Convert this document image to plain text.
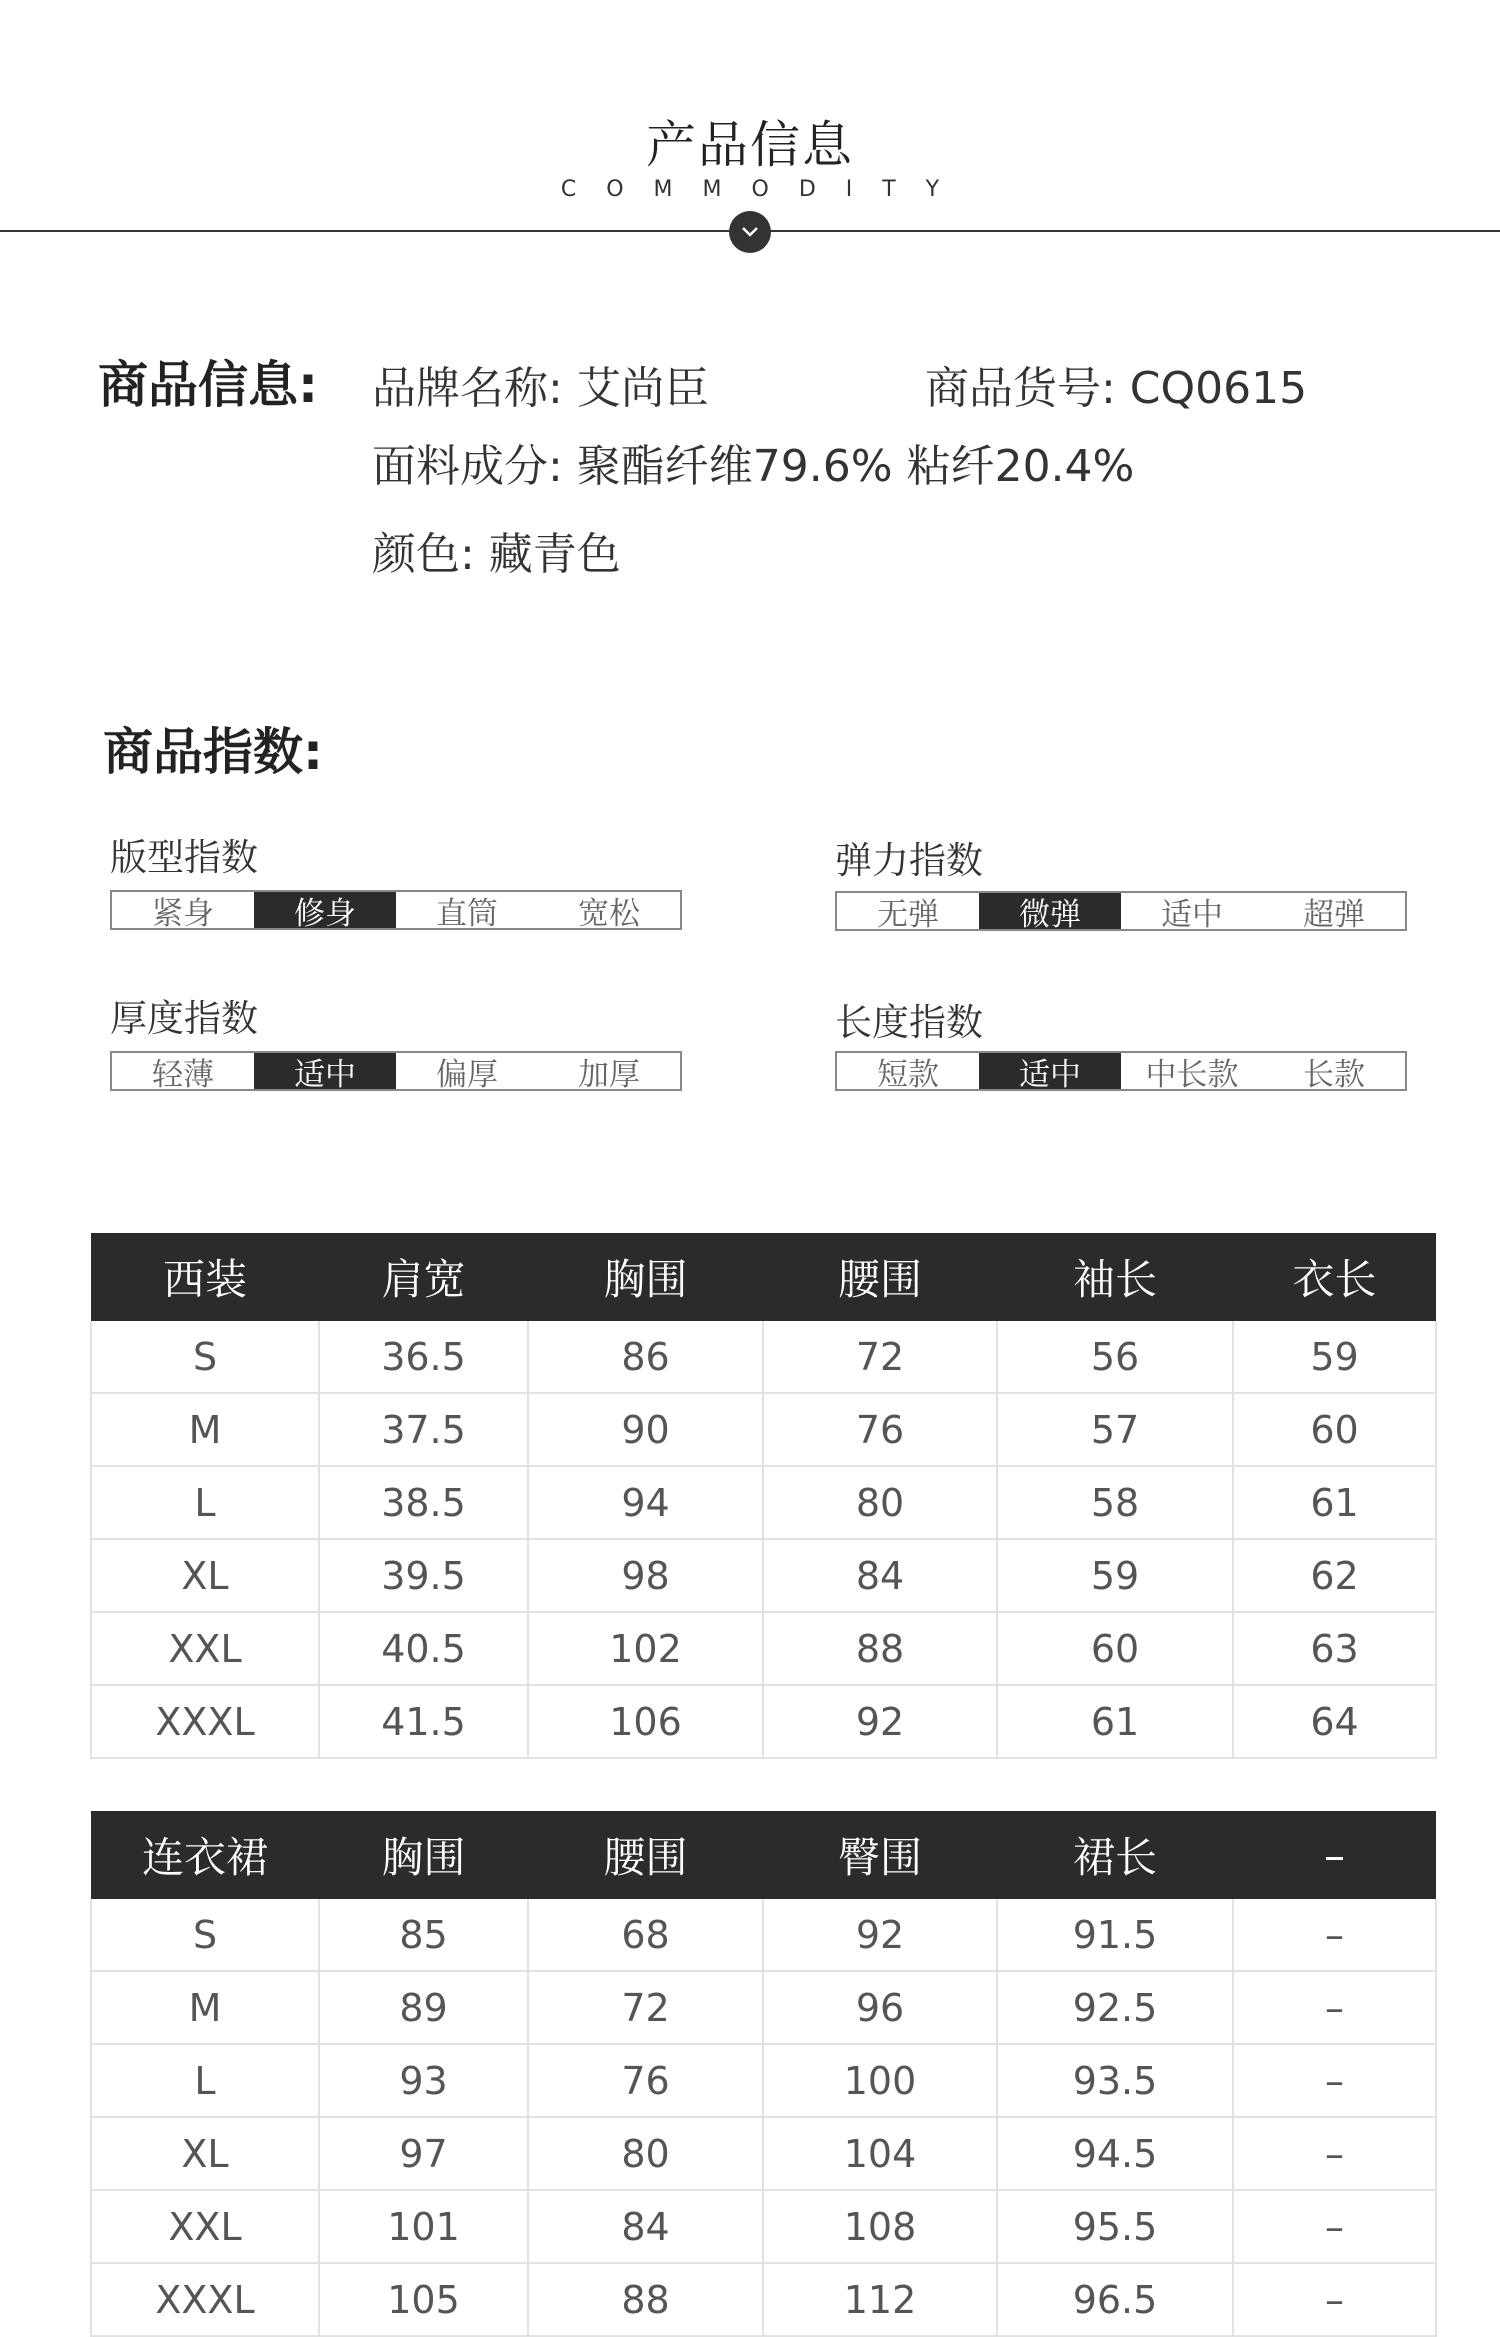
产品信息
COMMODITY
商品信息: 品牌名称: 艾尚臣	商品货号: CQ0615
面料成分: 聚酯纤维79.6% 粘纤20.4%
颜色: 藏青色
商品指数:
版型指数
紧身	修身	直筒	宽松
弹力指数
无弹	微弹	适中	超弹
厚度指数
轻薄	适中	偏厚	加厚
长度指数
短款	适中	中长款	长款
西装	肩宽	胸围	腰围	袖长	衣长
S	36.5	86	72	56	59
M	37.5	90	76	57	60
L	38.5	94	80	58	61
XL	39.5	98	84	59	62
XXL	40.5	102	88	60	63
XXXL	41.5	106	92	61	64
连衣裙	胸围	腰围	臀围	裙长	–
S	85	68	92	91.5	–
M	89	72	96	92.5	–
L	93	76	100	93.5	–
XL	97	80	104	94.5	–
XXL	101	84	108	95.5	–
XXXL	105	88	112	96.5	–
